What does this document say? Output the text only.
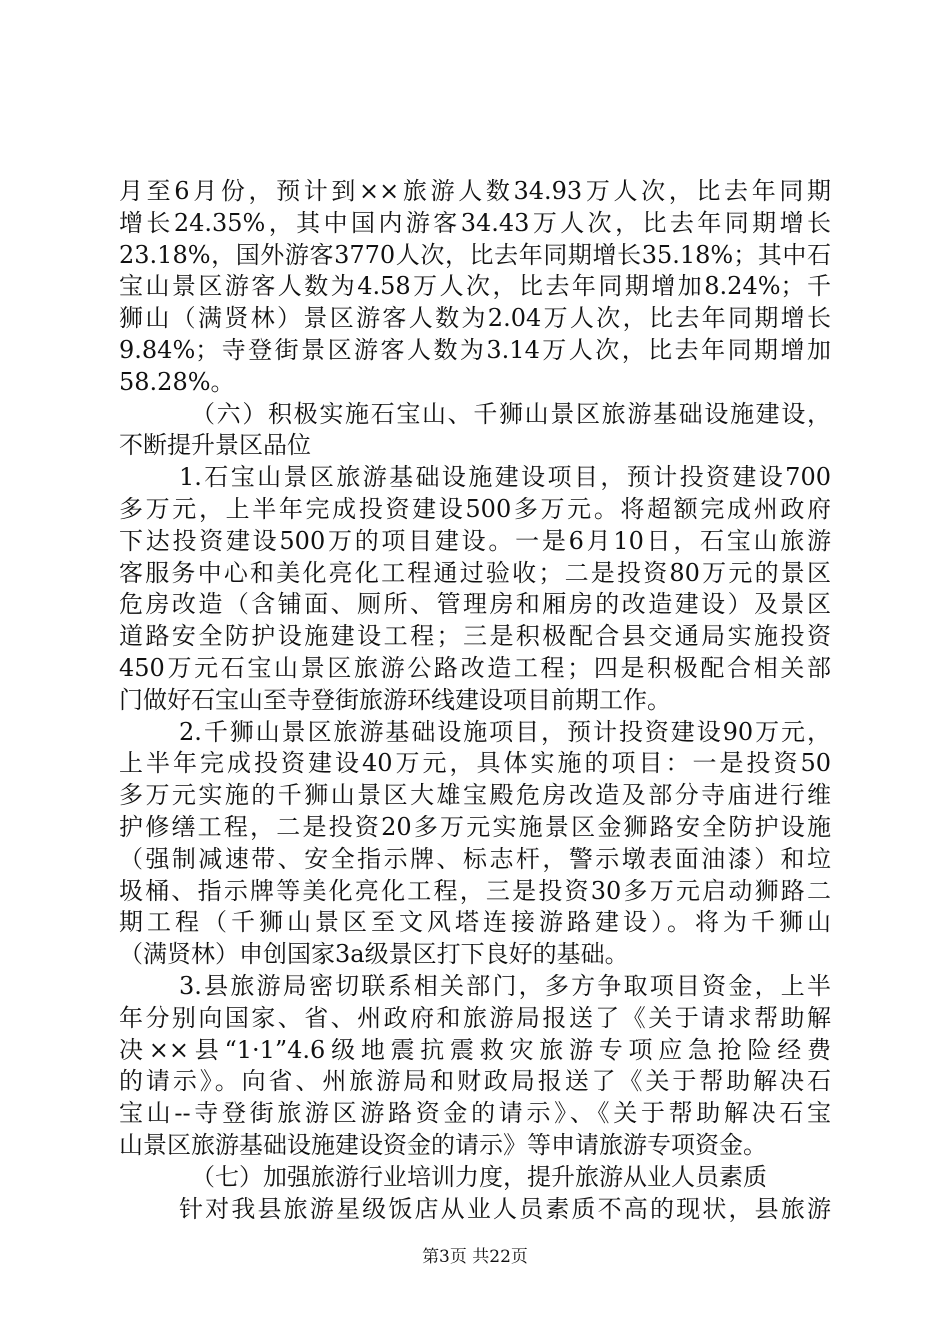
月至6月份，预计到××旅游人数34.93万人次，比去年同期
增长24.35%，其中国内游客34.43万人次，比去年同期增长
23.18%，国外游客3770人次，比去年同期增长35.18%；其中石
宝山景区游客人数为4.58万人次，比去年同期增加8.24%；千
狮山（满贤林）景区游客人数为2.04万人次，比去年同期增长
9.84%；寺登街景区游客人数为3.14万人次，比去年同期增加
58.28%。
（六）积极实施石宝山、千狮山景区旅游基础设施建设，
不断提升景区品位
1.石宝山景区旅游基础设施建设项目，预计投资建设700
多万元，上半年完成投资建设500多万元。将超额完成州政府
下达投资建设500万的项目建设。一是6月10日，石宝山旅游
客服务中心和美化亮化工程通过验收；二是投资80万元的景区
危房改造（含铺面、厕所、管理房和厢房的改造建设）及景区
道路安全防护设施建设工程；三是积极配合县交通局实施投资
450万元石宝山景区旅游公路改造工程；四是积极配合相关部
门做好石宝山至寺登街旅游环线建设项目前期工作。
2.千狮山景区旅游基础设施项目，预计投资建设90万元，
上半年完成投资建设40万元，具体实施的项目：一是投资50
多万元实施的千狮山景区大雄宝殿危房改造及部分寺庙进行维
护修缮工程，二是投资20多万元实施景区金狮路安全防护设施
（强制减速带、安全指示牌、标志杆，警示墩表面油漆）和垃
圾桶、指示牌等美化亮化工程，三是投资30多万元启动狮路二
期工程（千狮山景区至文风塔连接游路建设）。将为千狮山
（满贤林）申创国家3a级景区打下良好的基础。
3.县旅游局密切联系相关部门，多方争取项目资金，上半
年分别向国家、省、州政府和旅游局报送了《关于请求帮助解
决××县“1·1”4.6级地震抗震救灾旅游专项应急抢险经费
的请示》。向省、州旅游局和财政局报送了《关于帮助解决石
宝山--寺登街旅游区游路资金的请示》、《关于帮助解决石宝
山景区旅游基础设施建设资金的请示》等申请旅游专项资金。
（七）加强旅游行业培训力度，提升旅游从业人员素质
针对我县旅游星级饭店从业人员素质不高的现状，县旅游
第3页 共22页
